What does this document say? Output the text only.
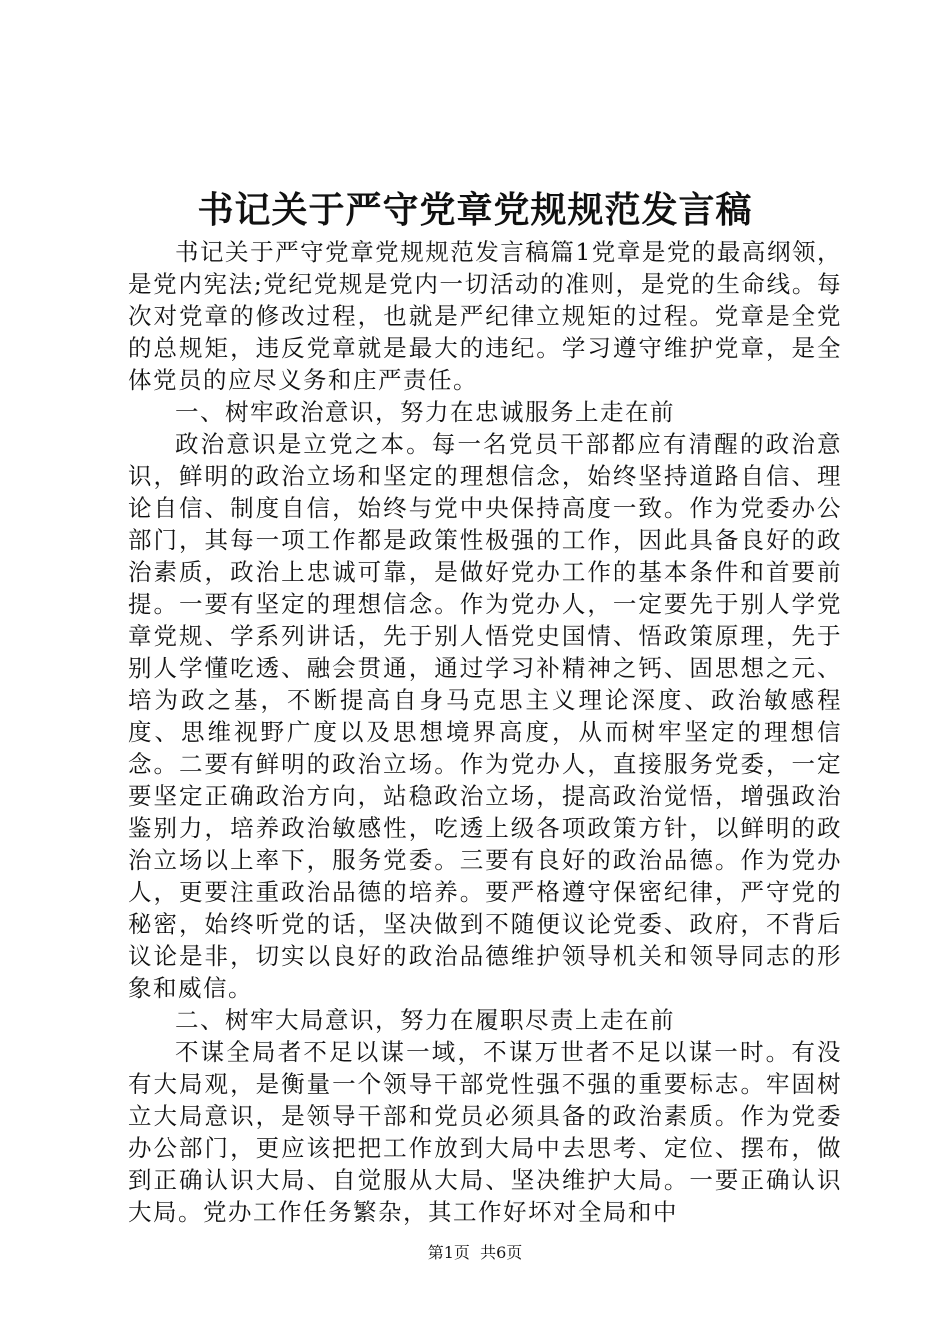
书记关于严守党章党规规范发言稿

书记关于严守党章党规规范发言稿篇1党章是党的最高纲领，是党内宪法;党纪党规是党内一切活动的准则，是党的生命线。每次对党章的修改过程，也就是严纪律立规矩的过程。党章是全党的总规矩，违反党章就是最大的违纪。学习遵守维护党章，是全体党员的应尽义务和庄严责任。

一、树牢政治意识，努力在忠诚服务上走在前

政治意识是立党之本。每一名党员干部都应有清醒的政治意识，鲜明的政治立场和坚定的理想信念，始终坚持道路自信、理论自信、制度自信，始终与党中央保持高度一致。作为党委办公部门，其每一项工作都是政策性极强的工作，因此具备良好的政治素质，政治上忠诚可靠，是做好党办工作的基本条件和首要前提。一要有坚定的理想信念。作为党办人，一定要先于别人学党章党规、学系列讲话，先于别人悟党史国情、悟政策原理，先于别人学懂吃透、融会贯通，通过学习补精神之钙、固思想之元、培为政之基，不断提高自身马克思主义理论深度、政治敏感程度、思维视野广度以及思想境界高度，从而树牢坚定的理想信念。二要有鲜明的政治立场。作为党办人，直接服务党委，一定要坚定正确政治方向，站稳政治立场，提高政治觉悟，增强政治鉴别力，培养政治敏感性，吃透上级各项政策方针，以鲜明的政治立场以上率下，服务党委。三要有良好的政治品德。作为党办人，更要注重政治品德的培养。要严格遵守保密纪律，严守党的秘密，始终听党的话，坚决做到不随便议论党委、政府，不背后议论是非，切实以良好的政治品德维护领导机关和领导同志的形象和威信。

二、树牢大局意识，努力在履职尽责上走在前

不谋全局者不足以谋一域，不谋万世者不足以谋一时。有没有大局观，是衡量一个领导干部党性强不强的重要标志。牢固树立大局意识，是领导干部和党员必须具备的政治素质。作为党委办公部门，更应该把把工作放到大局中去思考、定位、摆布，做到正确认识大局、自觉服从大局、坚决维护大局。一要正确认识大局。党办工作任务繁杂，其工作好坏对全局和中

第1页 共6页
